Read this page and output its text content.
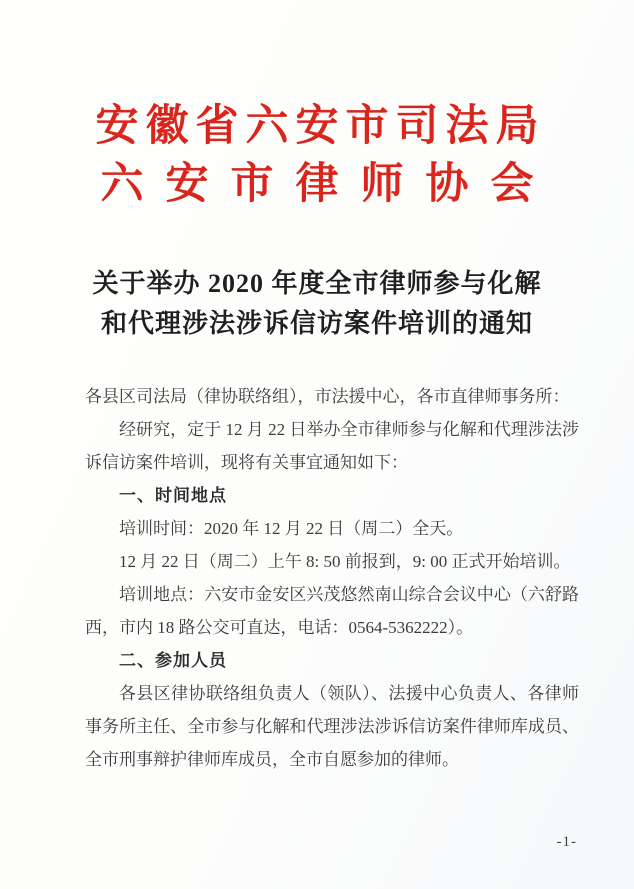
安徽省六安市司法局
六安市律师协会
关于举办 2020 年度全市律师参与化解
和代理涉法涉诉信访案件培训的通知

各县区司法局（律协联络组），市法援中心，各市直律师事务所：

经研究，定于 12 月 22 日举办全市律师参与化解和代理涉法涉诉信访案件培训，现将有关事宜通知如下：

一、时间地点

培训时间：2020 年 12 月 22 日（周二）全天。

12 月 22 日（周二）上午 8: 50 前报到，9: 00 正式开始培训。

培训地点：六安市金安区兴茂悠然南山综合会议中心（六舒路西，市内 18 路公交可直达，电话：0564-5362222）。

二、参加人员

各县区律协联络组负责人（领队）、法援中心负责人、各律师事务所主任、全市参与化解和代理涉法涉诉信访案件律师库成员、全市刑事辩护律师库成员，全市自愿参加的律师。

-1-
